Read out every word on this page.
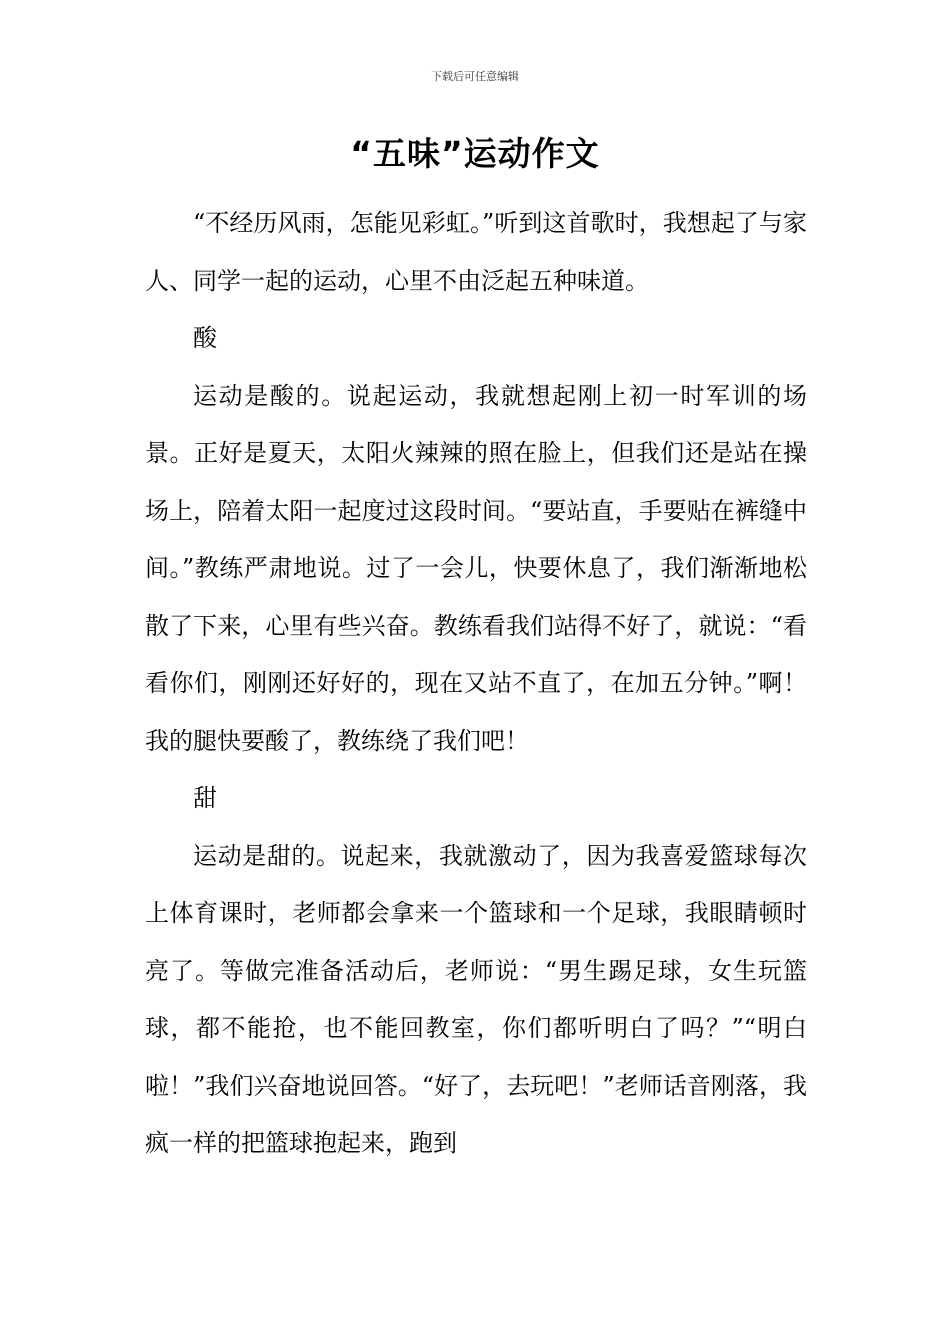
下载后可任意编辑
“五味”运动作文

“不经历风雨，怎能见彩虹。”听到这首歌时，我想起了与家人、同学一起的运动，心里不由泛起五种味道。

酸

运动是酸的。说起运动，我就想起刚上初一时军训的场景。正好是夏天，太阳火辣辣的照在脸上，但我们还是站在操场上，陪着太阳一起度过这段时间。“要站直，手要贴在裤缝中间。”教练严肃地说。过了一会儿，快要休息了，我们渐渐地松散了下来，心里有些兴奋。教练看我们站得不好了，就说：“看看你们，刚刚还好好的，现在又站不直了，在加五分钟。”啊！我的腿快要酸了，教练绕了我们吧！

甜

运动是甜的。说起来，我就激动了，因为我喜爱篮球每次上体育课时，老师都会拿来一个篮球和一个足球，我眼睛顿时亮了。等做完准备活动后，老师说：“男生踢足球，女生玩篮球，都不能抢，也不能回教室，你们都听明白了吗？”“明白啦！”我们兴奋地说回答。“好了，去玩吧！”老师话音刚落，我疯一样的把篮球抱起来，跑到
